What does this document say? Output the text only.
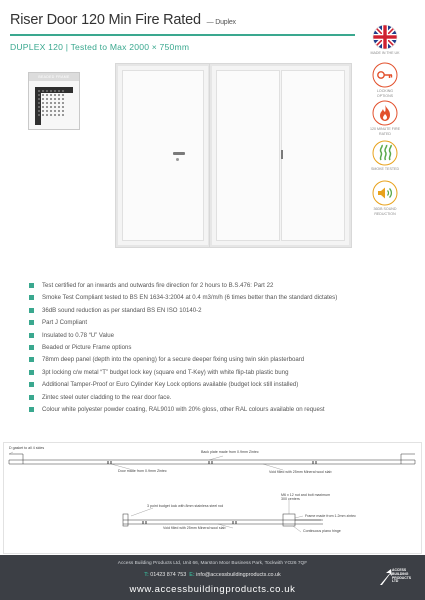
Riser Door 120 Min Fire Rated — Duplex
DUPLEX 120 | Tested to Max 2000 × 750mm
BEADED FRAME
MADE IN THE UK
LOCKING OPTIONS
120 MINUTE FIRE RATED
SMOKE TESTED
36DB SOUND REDUCTION
Test certified for an inwards and outwards fire direction for 2 hours to B.S.476: Part 22
Smoke Test Compliant tested to BS EN 1634-3:2004 at 0.4 m3/m/h (6 times better than the standard dictates)
36dB sound reduction as per standard BS EN ISO 10140-2
Part J Compliant
Insulated to 0.78 “U” Value
Beaded or Picture Frame options
78mm deep panel (depth into the opening) for a secure deeper fixing using twin skin plasterboard
3pt locking c/w metal “T” budget lock key (square end T-Key) with white flip-tab plastic bung
Additional Tamper-Proof or Euro Cylinder Key Lock options available (budget lock still installed)
Zintec steel outer cladding to the rear door face.
Colour white polyester powder coating, RAL9010 with 20% gloss, other RAL colours available on request
D gasket to all 4 sides
Back plate made from 0.9mm Zintec
Door made from 0.9mm Zintec	Void filled with 25mm Mineral wool slab
3 point budget lock with 8mm stainless steel rod
M6 x 12 nut and bolt maximum 300 centers
Frame made from 1.2mm zintec
Void filled with 25mm Mineral wool slab
Continuous piano hinge
Access Building Products Ltd, Unit 66, Marston Moor Business Park, Tockwith YO26 7QF
T: 01423 874 753 E: info@accessbuildingproducts.co.uk
www.accessbuildingproducts.co.uk
ACCESS
BUILDING
PRODUCTS
LTD
